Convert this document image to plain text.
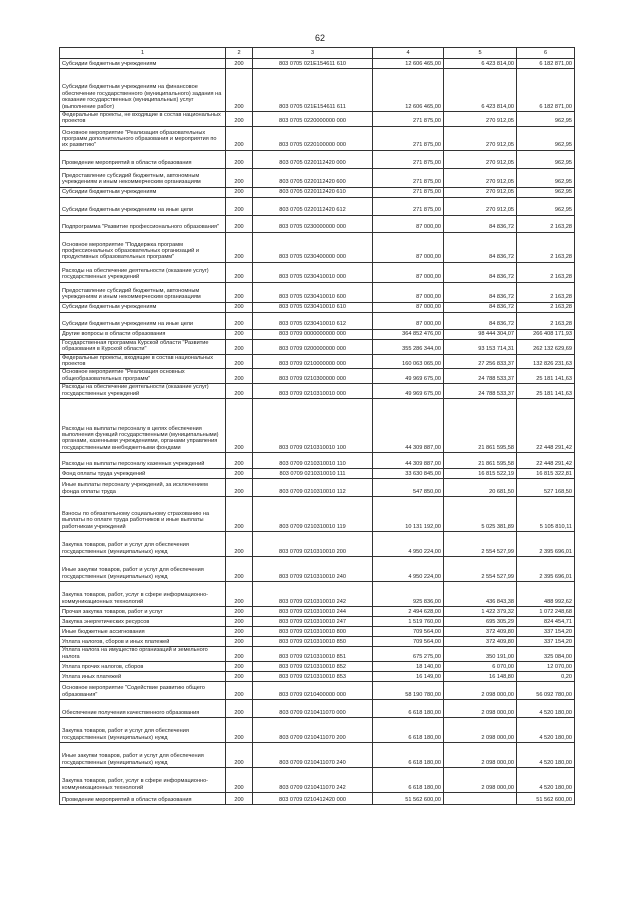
62
1	2	3	4	5	6
Субсидии бюджетным учреждениям	200	803 0705 021Е154611 610	12 606 465,00	6 423 814,00	6 182 871,00
Субсидии бюджетным учреждениям на финансовое обеспечение государственного (муниципального) задания на оказание государственных (муниципальных) услуг (выполнение работ)	200	803 0705 021Е154611 611	12 606 465,00	6 423 814,00	6 182 871,00
Федеральные проекты, не входящие в состав национальных проектов	200	803 0705 0220000000 000	271 875,00	270 912,05	962,95
Основное мероприятие "Реализация образовательных программ дополнительного образования и мероприятия по их развитию"	200	803 0705 0220100000 000	271 875,00	270 912,05	962,95
Проведение мероприятий в области образования	200	803 0705 0220112420 000	271 875,00	270 912,05	962,95
Предоставление субсидий бюджетным, автономным учреждениям и иным некоммерческим организациям	200	803 0705 0220112420 600	271 875,00	270 912,05	962,95
Субсидии бюджетным учреждениям	200	803 0705 0220112420 610	271 875,00	270 912,05	962,95
Субсидии бюджетным учреждениям на иные цели	200	803 0705 0220112420 612	271 875,00	270 912,05	962,95
Подпрограмма "Развитие профессионального образования"	200	803 0705 0230000000 000	87 000,00	84 836,72	2 163,28
Основное мероприятие "Поддержка программ профессиональных образовательных организаций и продуктивных образовательных программ"	200	803 0705 0230400000 000	87 000,00	84 836,72	2 163,28
Расходы на обеспечение деятельности (оказание услуг) государственных учреждений	200	803 0705 0230410010 000	87 000,00	84 836,72	2 163,28
Предоставление субсидий бюджетным, автономным учреждениям и иным некоммерческим организациям	200	803 0705 0230410010 600	87 000,00	84 836,72	2 163,28
Субсидии бюджетным учреждениям	200	803 0705 0230410010 610	87 000,00	84 836,72	2 163,28
Субсидии бюджетным учреждениям на иные цели	200	803 0705 0230410010 612	87 000,00	84 836,72	2 163,28
Другие вопросы в области образования	200	803 0709 0000000000 000	364 852 476,00	98 444 304,07	266 408 171,93
Государственная программа Курской области "Развитие образования в Курской области"	200	803 0709 0200000000 000	355 286 344,00	93 153 714,31	262 132 629,69
Федеральные проекты, входящие в состав национальных проектов	200	803 0709 0210000000 000	160 063 065,00	27 256 833,37	132 826 231,63
Основное мероприятие "Реализация основных общеобразовательных программ"	200	803 0709 0210300000 000	49 969 675,00	24 788 533,37	25 181 141,63
Расходы на обеспечение деятельности (оказание услуг) государственных учреждений	200	803 0709 0210310010 000	49 969 675,00	24 788 533,37	25 181 141,63
Расходы на выплаты персоналу в целях обеспечения выполнения функций государственными (муниципальными) органами, казенными учреждениями, органами управления государственными внебюджетными фондами	200	803 0709 0210310010 100	44 309 887,00	21 861 595,58	22 448 291,42
Расходы на выплаты персоналу казенных учреждений	200	803 0709 0210310010 110	44 309 887,00	21 861 595,58	22 448 291,42
Фонд оплаты труда учреждений	200	803 0709 0210310010 111	33 630 845,00	16 815 522,19	16 815 322,81
Иные выплаты персоналу учреждений, за исключением фонда оплаты труда	200	803 0709 0210310010 112	547 850,00	20 681,50	527 168,50
Взносы по обязательному социальному страхованию на выплаты по оплате труда работников и иные выплаты работникам учреждений	200	803 0709 0210310010 119	10 131 192,00	5 025 381,89	5 105 810,11
Закупка товаров, работ и услуг для обеспечения государственных (муниципальных) нужд	200	803 0709 0210310010 200	4 950 224,00	2 554 527,99	2 395 696,01
Иные закупки товаров, работ и услуг для обеспечения государственных (муниципальных) нужд	200	803 0709 0210310010 240	4 950 224,00	2 554 527,99	2 395 696,01
Закупка товаров, работ, услуг в сфере информационно-коммуникационных технологий	200	803 0709 0210310010 242	925 836,00	436 843,38	488 992,62
Прочая закупка товаров, работ и услуг	200	803 0709 0210310010 244	2 494 628,00	1 422 379,32	1 072 248,68
Закупка энергетических ресурсов	200	803 0709 0210310010 247	1 519 760,00	695 305,29	824 454,71
Иные бюджетные ассигнования	200	803 0709 0210310010 800	709 564,00	372 409,80	337 154,20
Уплата налогов, сборов и иных платежей	200	803 0709 0210310010 850	709 564,00	372 409,80	337 154,20
Уплата налога на имущество организаций и земельного налога	200	803 0709 0210310010 851	675 275,00	350 191,00	325 084,00
Уплата прочих налогов, сборов	200	803 0709 0210310010 852	18 140,00	6 070,00	12 070,00
Уплата иных платежей	200	803 0709 0210310010 853	16 149,00	16 148,80	0,20
Основное мероприятие "Содействие развитию общего образования"	200	803 0709 0210400000 000	58 190 780,00	2 098 000,00	56 092 780,00
Обеспечение получения качественного образования	200	803 0709 0210411070 000	6 618 180,00	2 098 000,00	4 520 180,00
Закупка товаров, работ и услуг для обеспечения государственных (муниципальных) нужд	200	803 0709 0210411070 200	6 618 180,00	2 098 000,00	4 520 180,00
Иные закупки товаров, работ и услуг для обеспечения государственных (муниципальных) нужд	200	803 0709 0210411070 240	6 618 180,00	2 098 000,00	4 520 180,00
Закупка товаров, работ, услуг в сфере информационно-коммуникационных технологий	200	803 0709 0210411070 242	6 618 180,00	2 098 000,00	4 520 180,00
Проведение мероприятий в области образования	200	803 0709 0210412420 000	51 562 600,00		51 562 600,00
